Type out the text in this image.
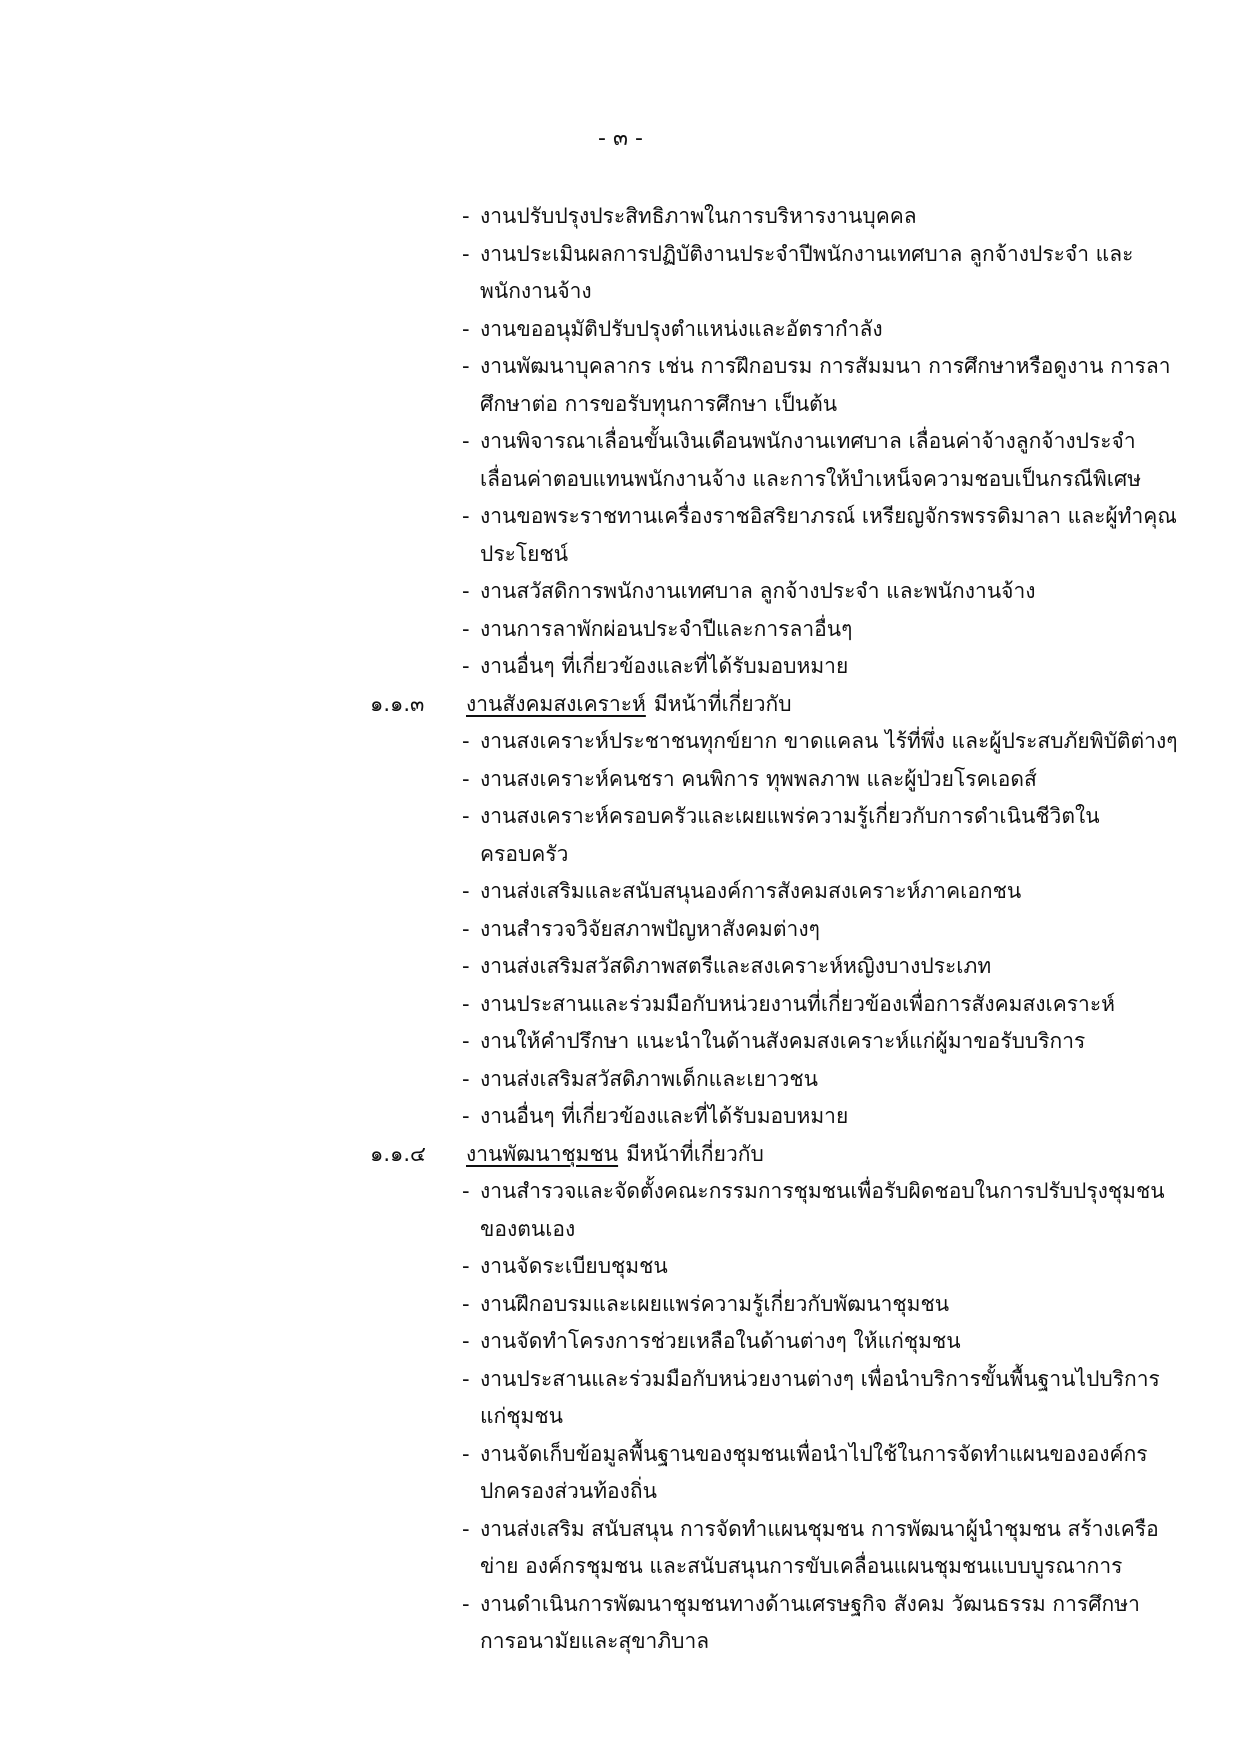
- ๓ -
- งานปรับปรุงประสิทธิภาพในการบริหารงานบุคคล
- งานประเมินผลการปฏิบัติงานประจำปีพนักงานเทศบาล ลูกจ้างประจำ และพนักงานจ้าง
- งานขออนุมัติปรับปรุงตำแหน่งและอัตรากำลัง
- งานพัฒนาบุคลากร เช่น การฝึกอบรม การสัมมนา การศึกษาหรือดูงาน การลาศึกษาต่อ การขอรับทุนการศึกษา เป็นต้น
- งานพิจารณาเลื่อนขั้นเงินเดือนพนักงานเทศบาล เลื่อนค่าจ้างลูกจ้างประจำ เลื่อนค่าตอบแทนพนักงานจ้าง และการให้บำเหน็จความชอบเป็นกรณีพิเศษ
- งานขอพระราชทานเครื่องราชอิสริยาภรณ์ เหรียญจักรพรรดิมาลา และผู้ทำคุณประโยชน์
- งานสวัสดิการพนักงานเทศบาล ลูกจ้างประจำ และพนักงานจ้าง
- งานการลาพักผ่อนประจำปีและการลาอื่นๆ
- งานอื่นๆ ที่เกี่ยวข้องและที่ได้รับมอบหมาย
๑.๑.๓ งานสังคมสงเคราะห์ มีหน้าที่เกี่ยวกับ
- งานสงเคราะห์ประชาชนทุกข์ยาก ขาดแคลน ไร้ที่พึ่ง และผู้ประสบภัยพิบัติต่างๆ
- งานสงเคราะห์คนชรา คนพิการ ทุพพลภาพ และผู้ป่วยโรคเอดส์
- งานสงเคราะห์ครอบครัวและเผยแพร่ความรู้เกี่ยวกับการดำเนินชีวิตในครอบครัว
- งานส่งเสริมและสนับสนุนองค์การสังคมสงเคราะห์ภาคเอกชน
- งานสำรวจวิจัยสภาพปัญหาสังคมต่างๆ
- งานส่งเสริมสวัสดิภาพสตรีและสงเคราะห์หญิงบางประเภท
- งานประสานและร่วมมือกับหน่วยงานที่เกี่ยวข้องเพื่อการสังคมสงเคราะห์
- งานให้คำปรึกษา แนะนำในด้านสังคมสงเคราะห์แก่ผู้มาขอรับบริการ
- งานส่งเสริมสวัสดิภาพเด็กและเยาวชน
- งานอื่นๆ ที่เกี่ยวข้องและที่ได้รับมอบหมาย
๑.๑.๔ งานพัฒนาชุมชน มีหน้าที่เกี่ยวกับ
- งานสำรวจและจัดตั้งคณะกรรมการชุมชนเพื่อรับผิดชอบในการปรับปรุงชุมชน ของตนเอง
- งานจัดระเบียบชุมชน
- งานฝึกอบรมและเผยแพร่ความรู้เกี่ยวกับพัฒนาชุมชน
- งานจัดทำโครงการช่วยเหลือในด้านต่างๆ ให้แก่ชุมชน
- งานประสานและร่วมมือกับหน่วยงานต่างๆ เพื่อนำบริการขั้นพื้นฐานไปบริการ แก่ชุมชน
- งานจัดเก็บข้อมูลพื้นฐานของชุมชนเพื่อนำไปใช้ในการจัดทำแผนขององค์กร ปกครองส่วนท้องถิ่น
- งานส่งเสริม สนับสนุน การจัดทำแผนชุมชน การพัฒนาผู้นำชุมชน สร้างเครือข่าย องค์กรชุมชน และสนับสนุนการขับเคลื่อนแผนชุมชนแบบบูรณาการ
- งานดำเนินการพัฒนาชุมชนทางด้านเศรษฐกิจ สังคม วัฒนธรรม การศึกษา การอนามัยและสุขาภิบาล
